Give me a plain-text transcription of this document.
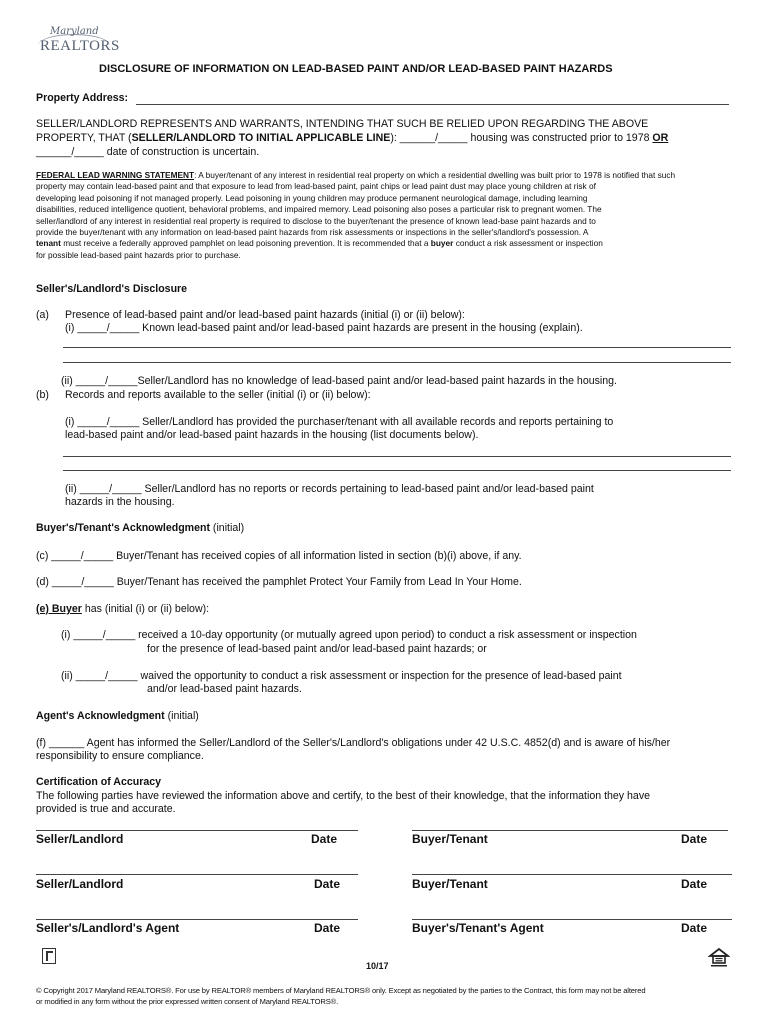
Maryland
REALTORS
DISCLOSURE OF INFORMATION ON LEAD-BASED PAINT AND/OR LEAD-BASED PAINT HAZARDS
Property Address:
SELLER/LANDLORD REPRESENTS AND WARRANTS, INTENDING THAT SUCH BE RELIED UPON REGARDING THE ABOVE
PROPERTY, THAT (SELLER/LANDLORD TO INITIAL APPLICABLE LINE): ______/_____ housing was constructed prior to 1978 OR
______/_____ date of construction is uncertain.
FEDERAL LEAD WARNING STATEMENT: A buyer/tenant of any interest in residential real property on which a residential dwelling was built prior to 1978 is notified that such
property may contain lead-based paint and that exposure to lead from lead-based paint, paint chips or lead paint dust may place young children at risk of
developing lead poisoning if not managed properly. Lead poisoning in young children may produce permanent neurological damage, including learning
disabilities, reduced intelligence quotient, behavioral problems, and impaired memory. Lead poisoning also poses a particular risk to pregnant women. The
seller/landlord of any interest in residential real property is required to disclose to the buyer/tenant the presence of known lead-base paint hazards and to
provide the buyer/tenant with any information on lead-based paint hazards from risk assessments or inspections in the seller's/landlord's possession. A
tenant must receive a federally approved pamphlet on lead poisoning prevention. It is recommended that a buyer conduct a risk assessment or inspection
for possible lead-based paint hazards prior to purchase.
Seller's/Landlord's Disclosure
(a) Presence of lead-based paint and/or lead-based paint hazards (initial (i) or (ii) below):
(i) _____/_____ Known lead-based paint and/or lead-based paint hazards are present in the housing (explain).
(ii) _____/_____Seller/Landlord has no knowledge of lead-based paint and/or lead-based paint hazards in the housing.
(b) Records and reports available to the seller (initial (i) or (ii) below):
(i) _____/_____ Seller/Landlord has provided the purchaser/tenant with all available records and reports pertaining to
lead-based paint and/or lead-based paint hazards in the housing (list documents below).
(ii) _____/_____ Seller/Landlord has no reports or records pertaining to lead-based paint and/or lead-based paint
hazards in the housing.
Buyer's/Tenant's Acknowledgment (initial)
(c) _____/_____ Buyer/Tenant has received copies of all information listed in section (b)(i) above, if any.
(d) _____/_____ Buyer/Tenant has received the pamphlet Protect Your Family from Lead In Your Home.
(e) Buyer has (initial (i) or (ii) below):
(i) _____/_____ received a 10-day opportunity (or mutually agreed upon period) to conduct a risk assessment or inspection
for the presence of lead-based paint and/or lead-based paint hazards; or
(ii) _____/_____ waived the opportunity to conduct a risk assessment or inspection for the presence of lead-based paint
and/or lead-based paint hazards.
Agent's Acknowledgment (initial)
(f) ______ Agent has informed the Seller/Landlord of the Seller's/Landlord's obligations under 42 U.S.C. 4852(d) and is aware of his/her
responsibility to ensure compliance.
Certification of Accuracy
The following parties have reviewed the information above and certify, to the best of their knowledge, that the information they have
provided is true and accurate.
Seller/Landlord	Date	Buyer/Tenant	Date
Seller/Landlord	Date	Buyer/Tenant	Date
Seller's/Landlord's Agent	Date	Buyer's/Tenant's Agent	Date
10/17
© Copyright 2017 Maryland REALTORS®. For use by REALTOR® members of Maryland REALTORS® only. Except as negotiated by the parties to the Contract, this form may not be altered
or modified in any form without the prior expressed written consent of Maryland REALTORS®.
